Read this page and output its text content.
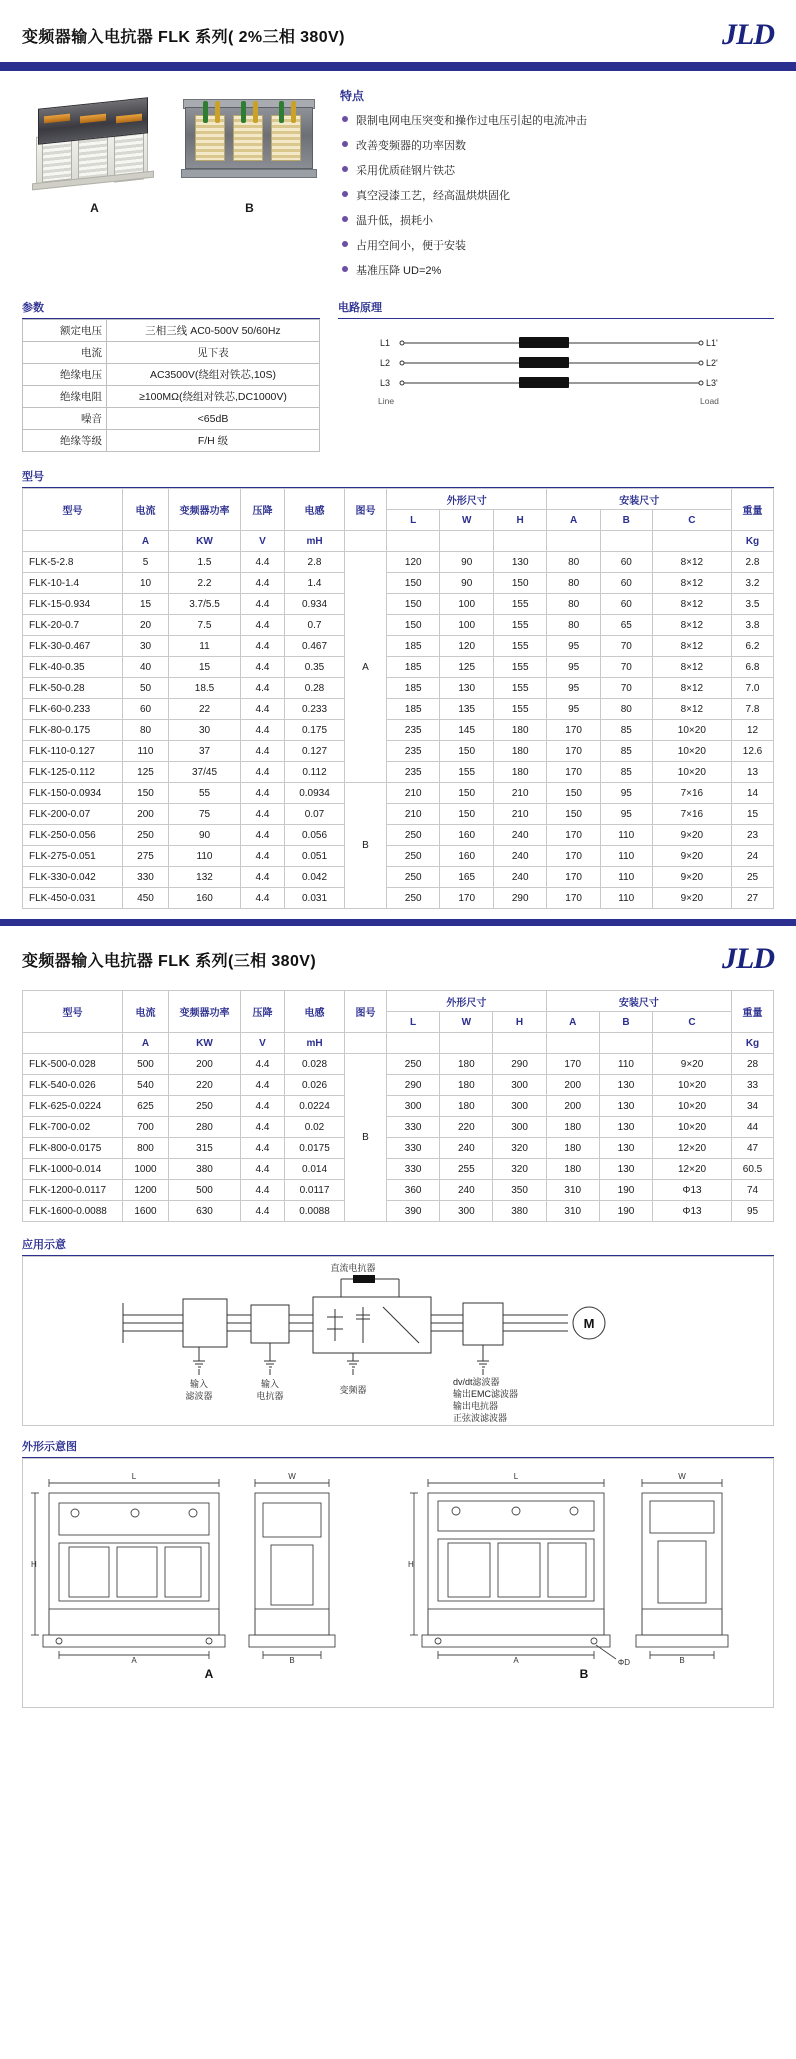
变频器输入电抗器 FLK 系列( 2%三相 380V)	JLD
A	B
特点
限制电网电压突变和操作过电压引起的电流冲击
改善变频器的功率因数
采用优质硅钢片铁芯
真空浸漆工艺，经高温烘烘固化
温升低，损耗小
占用空间小，便于安装
基准压降 UD=2%
参数
额定电压	三相三线 AC0-500V 50/60Hz
电流	见下表
绝缘电压	AC3500V(绕组对铁芯,10S)
绝缘电阻	≥100MΩ(绕组对铁芯,DC1000V)
噪音	<65dB
绝缘等级	F/H 级
电路原理
L1
L2
L3
L1'
L2'
L3'
Line	Load
型号
型号	电流	变频器功率	压降	电感	图号	外形尺寸			安装尺寸			重量
						L	W	H	A	B	C	
	A	KW	V	mH								Kg
FLK-5-2.8	5	1.5	4.4	2.8	A	120	90	130	80	60	8×12	2.8
FLK-10-1.4	10	2.2	4.4	1.4		150	90	150	80	60	8×12	3.2
FLK-15-0.934	15	3.7/5.5	4.4	0.934		150	100	155	80	60	8×12	3.5
FLK-20-0.7	20	7.5	4.4	0.7		150	100	155	80	65	8×12	3.8
FLK-30-0.467	30	11	4.4	0.467		185	120	155	95	70	8×12	6.2
FLK-40-0.35	40	15	4.4	0.35		185	125	155	95	70	8×12	6.8
FLK-50-0.28	50	18.5	4.4	0.28		185	130	155	95	70	8×12	7.0
FLK-60-0.233	60	22	4.4	0.233		185	135	155	95	80	8×12	7.8
FLK-80-0.175	80	30	4.4	0.175		235	145	180	170	85	10×20	12
FLK-110-0.127	110	37	4.4	0.127		235	150	180	170	85	10×20	12.6
FLK-125-0.112	125	37/45	4.4	0.112		235	155	180	170	85	10×20	13
FLK-150-0.0934	150	55	4.4	0.0934	B	210	150	210	150	95	7×16	14
FLK-200-0.07	200	75	4.4	0.07		210	150	210	150	95	7×16	15
FLK-250-0.056	250	90	4.4	0.056		250	160	240	170	110	9×20	23
FLK-275-0.051	275	110	4.4	0.051		250	160	240	170	110	9×20	24
FLK-330-0.042	330	132	4.4	0.042		250	165	240	170	110	9×20	25
FLK-450-0.031	450	160	4.4	0.031		250	170	290	170	110	9×20	27
变频器输入电抗器 FLK 系列(三相 380V)	JLD
型号	电流	变频器功率	压降	电感	图号	外形尺寸			安装尺寸			重量
						L	W	H	A	B	C	
	A	KW	V	mH								Kg
FLK-500-0.028	500	200	4.4	0.028	B	250	180	290	170	110	9×20	28
FLK-540-0.026	540	220	4.4	0.026		290	180	300	200	130	10×20	33
FLK-625-0.0224	625	250	4.4	0.0224		300	180	300	200	130	10×20	34
FLK-700-0.02	700	280	4.4	0.02		330	220	300	180	130	10×20	44
FLK-800-0.0175	800	315	4.4	0.0175		330	240	320	180	130	12×20	47
FLK-1000-0.014	1000	380	4.4	0.014		330	255	320	180	130	12×20	60.5
FLK-1200-0.0117	1200	500	4.4	0.0117		360	240	350	310	190	Φ13	74
FLK-1600-0.0088	1600	630	4.4	0.0088		390	300	380	310	190	Φ13	95
应用示意
M
直流电抗器
输入
滤波器
输入
电抗器
变频器
dv/dt滤波器
输出EMC滤波器
输出电抗器
正弦波滤波器
外形示意图
L
A
W
B
H
A
L
A
W
B
ΦD
H
B
